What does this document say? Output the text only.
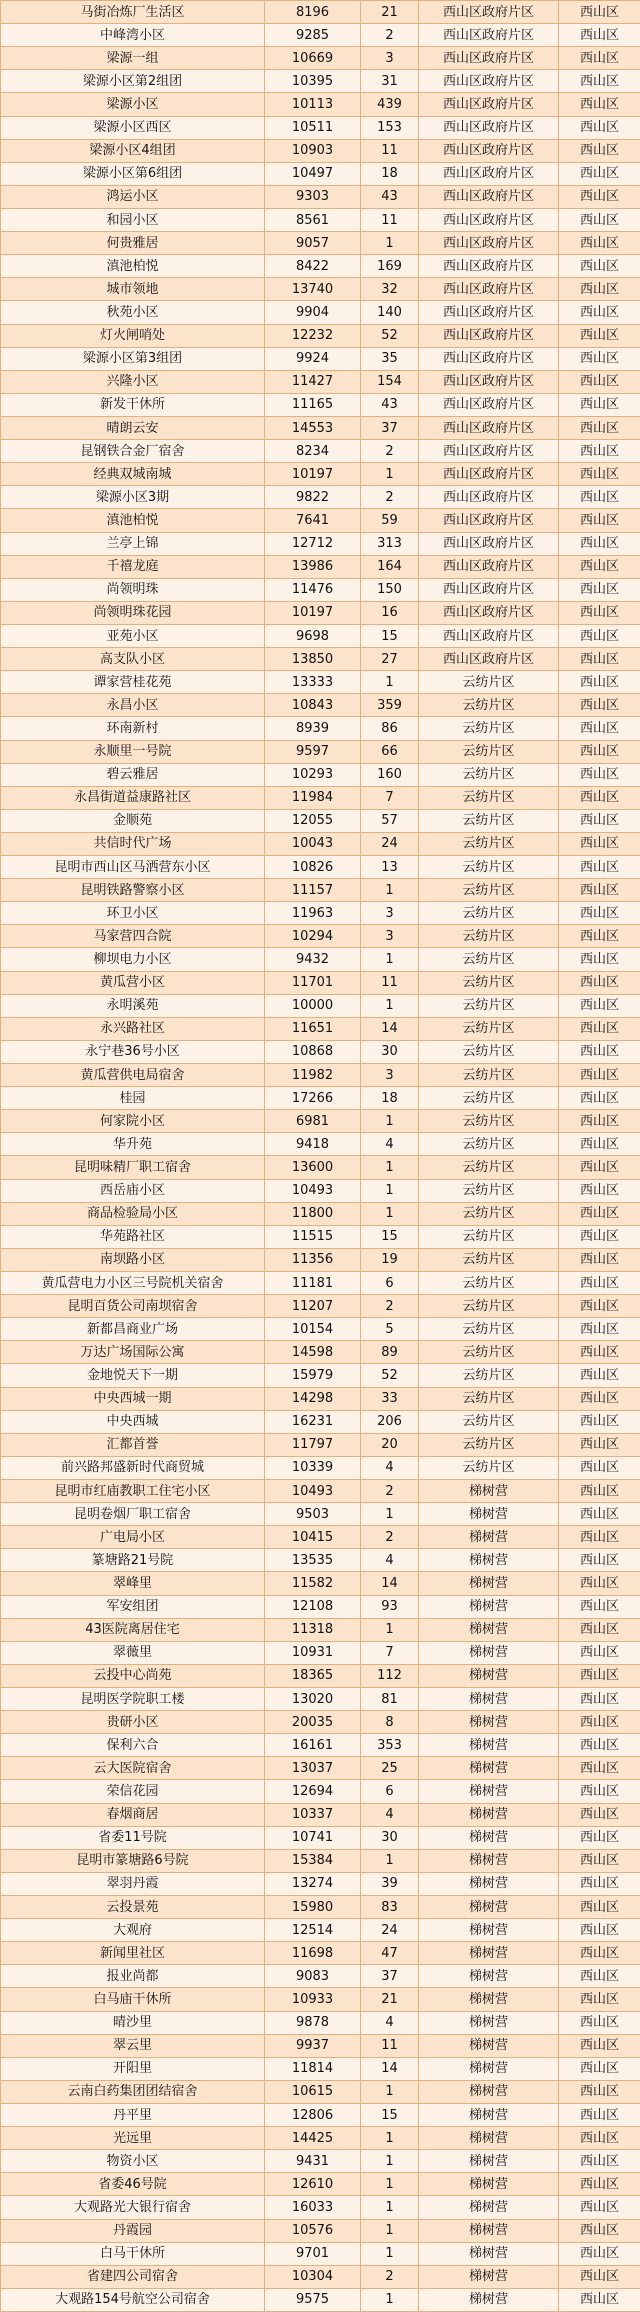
马街冶炼厂生活区	8196	21	西山区政府片区	西山区
中峰湾小区	9285	2	西山区政府片区	西山区
梁源一组	10669	3	西山区政府片区	西山区
梁源小区第2组团	10395	31	西山区政府片区	西山区
梁源小区	10113	439	西山区政府片区	西山区
梁源小区西区	10511	153	西山区政府片区	西山区
梁源小区4组团	10903	11	西山区政府片区	西山区
梁源小区第6组团	10497	18	西山区政府片区	西山区
鸿运小区	9303	43	西山区政府片区	西山区
和园小区	8561	11	西山区政府片区	西山区
何贵雅居	9057	1	西山区政府片区	西山区
滇池柏悦	8422	169	西山区政府片区	西山区
城市领地	13740	32	西山区政府片区	西山区
秋苑小区	9904	140	西山区政府片区	西山区
灯火闸哨处	12232	52	西山区政府片区	西山区
梁源小区第3组团	9924	35	西山区政府片区	西山区
兴隆小区	11427	154	西山区政府片区	西山区
新发干休所	11165	43	西山区政府片区	西山区
晴朗云安	14553	37	西山区政府片区	西山区
昆钢铁合金厂宿舍	8234	2	西山区政府片区	西山区
经典双城南城	10197	1	西山区政府片区	西山区
梁源小区3期	9822	2	西山区政府片区	西山区
滇池柏悦	7641	59	西山区政府片区	西山区
兰亭上锦	12712	313	西山区政府片区	西山区
千禧龙庭	13986	164	西山区政府片区	西山区
尚领明珠	11476	150	西山区政府片区	西山区
尚领明珠花园	10197	16	西山区政府片区	西山区
亚苑小区	9698	15	西山区政府片区	西山区
高支队小区	13850	27	西山区政府片区	西山区
谭家营桂花苑	13333	1	云纺片区	西山区
永昌小区	10843	359	云纺片区	西山区
环南新村	8939	86	云纺片区	西山区
永顺里一号院	9597	66	云纺片区	西山区
碧云雅居	10293	160	云纺片区	西山区
永昌街道益康路社区	11984	7	云纺片区	西山区
金顺苑	12055	57	云纺片区	西山区
共信时代广场	10043	24	云纺片区	西山区
昆明市西山区马洒营东小区	10826	13	云纺片区	西山区
昆明铁路警察小区	11157	1	云纺片区	西山区
环卫小区	11963	3	云纺片区	西山区
马家营四合院	10294	3	云纺片区	西山区
柳坝电力小区	9432	1	云纺片区	西山区
黄瓜营小区	11701	11	云纺片区	西山区
永明溪苑	10000	1	云纺片区	西山区
永兴路社区	11651	14	云纺片区	西山区
永宁巷36号小区	10868	30	云纺片区	西山区
黄瓜营供电局宿舍	11982	3	云纺片区	西山区
桂园	17266	18	云纺片区	西山区
何家院小区	6981	1	云纺片区	西山区
华升苑	9418	4	云纺片区	西山区
昆明味精厂职工宿舍	13600	1	云纺片区	西山区
西岳庙小区	10493	1	云纺片区	西山区
商品检验局小区	11800	1	云纺片区	西山区
华苑路社区	11515	15	云纺片区	西山区
南坝路小区	11356	19	云纺片区	西山区
黄瓜营电力小区三号院机关宿舍	11181	6	云纺片区	西山区
昆明百货公司南坝宿舍	11207	2	云纺片区	西山区
新都昌商业广场	10154	5	云纺片区	西山区
万达广场国际公寓	14598	89	云纺片区	西山区
金地悦天下一期	15979	52	云纺片区	西山区
中央西城一期	14298	33	云纺片区	西山区
中央西城	16231	206	云纺片区	西山区
汇都首誉	11797	20	云纺片区	西山区
前兴路邦盛新时代商贸城	10339	4	云纺片区	西山区
昆明市红庙教职工住宅小区	10493	2	梯树营	西山区
昆明卷烟厂职工宿舍	9503	1	梯树营	西山区
广电局小区	10415	2	梯树营	西山区
篆塘路21号院	13535	4	梯树营	西山区
翠峰里	11582	14	梯树营	西山区
军安组团	12108	93	梯树营	西山区
43医院离居住宅	11318	1	梯树营	西山区
翠薇里	10931	7	梯树营	西山区
云投中心尚苑	18365	112	梯树营	西山区
昆明医学院职工楼	13020	81	梯树营	西山区
贵研小区	20035	8	梯树营	西山区
保利六合	16161	353	梯树营	西山区
云大医院宿舍	13037	25	梯树营	西山区
荣信花园	12694	6	梯树营	西山区
春烟商居	10337	4	梯树营	西山区
省委11号院	10741	30	梯树营	西山区
昆明市篆塘路6号院	15384	1	梯树营	西山区
翠羽丹霞	13274	39	梯树营	西山区
云投景苑	15980	83	梯树营	西山区
大观府	12514	24	梯树营	西山区
新闻里社区	11698	47	梯树营	西山区
报业尚都	9083	37	梯树营	西山区
白马庙干休所	10933	21	梯树营	西山区
晴沙里	9878	4	梯树营	西山区
翠云里	9937	11	梯树营	西山区
开阳里	11814	14	梯树营	西山区
云南白药集团团结宿舍	10615	1	梯树营	西山区
丹平里	12806	15	梯树营	西山区
光远里	14425	1	梯树营	西山区
物资小区	9431	1	梯树营	西山区
省委46号院	12610	1	梯树营	西山区
大观路光大银行宿舍	16033	1	梯树营	西山区
丹霞园	10576	1	梯树营	西山区
白马干休所	9701	1	梯树营	西山区
省建四公司宿舍	10304	2	梯树营	西山区
大观路154号航空公司宿舍	9575	1	梯树营	西山区
